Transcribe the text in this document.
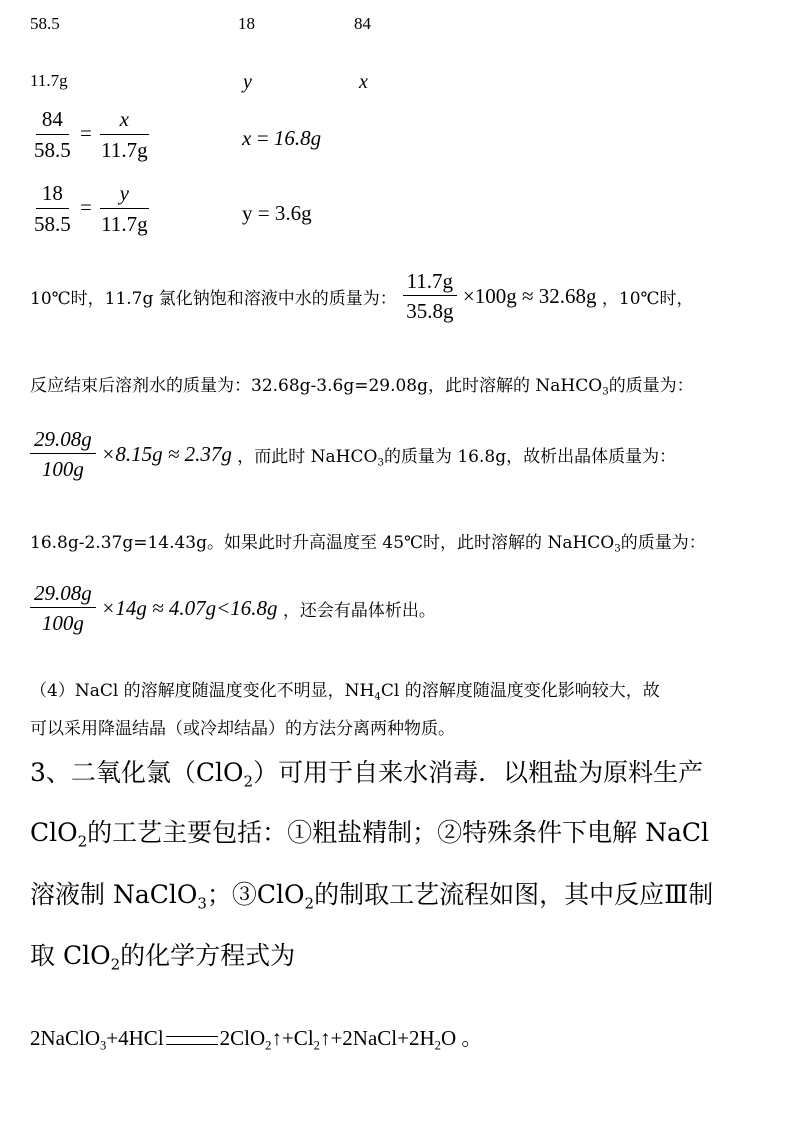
58.5	18	84
11.7g	y	x
$\frac{84}{58.5} = \frac{x}{11.7g}$	x = 16.8g
$\frac{18}{58.5} = \frac{y}{11.7g}$	y = 3.6g
10℃时，11.7g 氯化钠饱和溶液中水的质量为： $\frac{11.7g}{35.8g} \times 100g \approx 32.68g$ ，10℃时，
反应结束后溶剂水的质量为：32.68g-3.6g=29.08g，此时溶解的 NaHCO$_3$的质量为：
$\frac{29.08g}{100g} \times 8.15g \approx 2.37g$ ，而此时 NaHCO$_3$的质量为 16.8g，故析出晶体质量为：
16.8g-2.37g=14.43g。如果此时升高温度至 45℃时，此时溶解的 NaHCO$_3$的质量为：
$\frac{29.08g}{100g} \times 14g \approx 4.07g<16.8g$ ，还会有晶体析出。
（4）NaCl 的溶解度随温度变化不明显，$NH_4Cl$ 的溶解度随温度变化影响较大，故
可以采用降温结晶（或冷却结晶）的方法分离两种物质。
3、二氧化氯（ClO$_2$）可用于自来水消毒．以粗盐为原料生产
ClO$_2$的工艺主要包括：①粗盐精制；②特殊条件下电解 NaCl
溶液制 NaClO$_3$；③ClO$_2$的制取工艺流程如图，其中反应Ⅲ制
取 ClO$_2$的化学方程式为
2NaClO$_3$+4HCl	$2ClO_2↑+Cl_2↑+2NaCl+2H_2O$ 。
